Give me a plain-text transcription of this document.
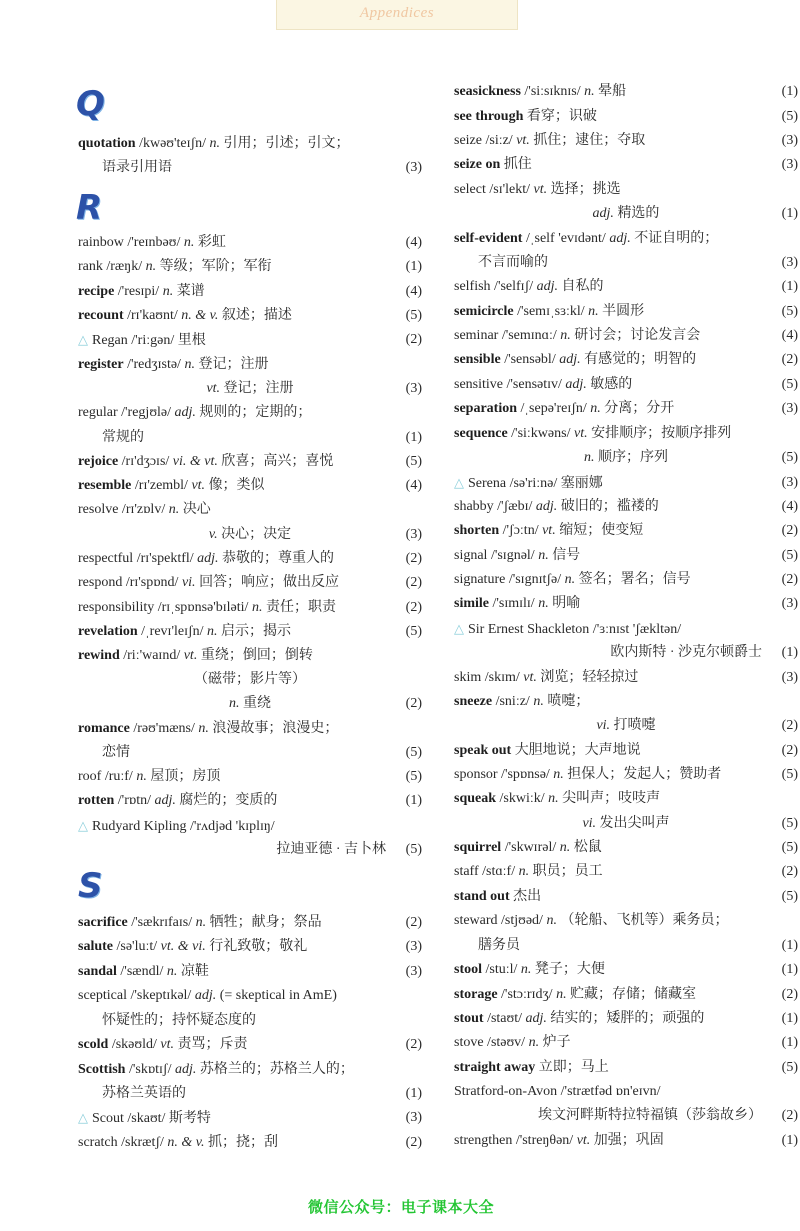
Appendices
Q
R
S
quotation /kwəʊ'teɪʃn/ n. 引用；引述；引文；
语录引用语	(3)
rainbow /'reɪnbəʊ/ n. 彩虹	(4)
rank /ræŋk/ n. 等级；军阶；军衔	(1)
recipe /'resɪpi/ n. 菜谱	(4)
recount /rɪ'kaʊnt/ n. & v. 叙述；描述	(5)
△ Regan /'riːgən/ 里根	(2)
register /'redʒɪstə/ n. 登记；注册
vt. 登记；注册	(3)
regular /'regjʊlə/ adj. 规则的；定期的；
常规的	(1)
rejoice /rɪ'dʒɔɪs/ vi. & vt. 欣喜；高兴；喜悦	(5)
resemble /rɪ'zembl/ vt. 像；类似	(4)
resolve /rɪ'zɒlv/ n. 决心
v. 决心；决定	(3)
respectful /rɪ'spektfl/ adj. 恭敬的；尊重人的	(2)
respond /rɪ'spɒnd/ vi. 回答；响应；做出反应	(2)
responsibility /rɪˌspɒnsə'bɪləti/ n. 责任；职责	(2)
revelation /ˌrevɪ'leɪʃn/ n. 启示；揭示	(5)
rewind /riː'waɪnd/ vt. 重绕；倒回；倒转
（磁带；影片等）
n. 重绕	(2)
romance /rəʊ'mæns/ n. 浪漫故事；浪漫史；
恋情	(5)
roof /ruːf/ n. 屋顶；房顶	(5)
rotten /'rɒtn/ adj. 腐烂的；变质的	(1)
△ Rudyard Kipling /'rʌdjəd 'kɪplɪŋ/
拉迪亚德 · 吉卜林 (5)
sacrifice /'sækrɪfaɪs/ n. 牺牲；献身；祭品	(2)
salute /sə'luːt/ vt. & vi. 行礼致敬；敬礼	(3)
sandal /'sændl/ n. 凉鞋	(3)
sceptical /'skeptɪkəl/ adj. (= skeptical in AmE)
怀疑性的；持怀疑态度的
scold /skəʊld/ vt. 责骂；斥责	(2)
Scottish /'skɒtɪʃ/ adj. 苏格兰的；苏格兰人的；
苏格兰英语的	(1)
△ Scout /skaʊt/ 斯考特	(3)
scratch /skrætʃ/ n. & v. 抓；挠；刮	(2)
seasickness /'siːsɪknɪs/ n. 晕船	(1)
see through 看穿；识破	(5)
seize /siːz/ vt. 抓住；逮住；夺取	(3)
seize on 抓住	(3)
select /sɪ'lekt/ vt. 选择；挑选
adj. 精选的	(1)
self-evident /ˌself 'evɪdənt/ adj. 不证自明的；
不言而喻的	(3)
selfish /'selfɪʃ/ adj. 自私的	(1)
semicircle /'semɪˌsɜːkl/ n. 半圆形	(5)
seminar /'semɪnɑː/ n. 研讨会；讨论发言会	(4)
sensible /'sensəbl/ adj. 有感觉的；明智的	(2)
sensitive /'sensətɪv/ adj. 敏感的	(5)
separation /ˌsepə'reɪʃn/ n. 分离；分开	(3)
sequence /'siːkwəns/ vt. 安排顺序；按顺序排列
n. 顺序；序列	(5)
△ Serena /sə'riːnə/ 塞丽娜	(3)
shabby /'ʃæbɪ/ adj. 破旧的；褴褛的	(4)
shorten /'ʃɔːtn/ vt. 缩短；使变短	(2)
signal /'sɪgnəl/ n. 信号	(5)
signature /'sɪgnɪtʃə/ n. 签名；署名；信号	(2)
simile /'sɪmɪlɪ/ n. 明喻	(3)
△ Sir Ernest Shackleton /'ɜːnɪst 'ʃækltən/
欧内斯特 · 沙克尔顿爵士 (1)
skim /skɪm/ vt. 浏览；轻轻掠过	(3)
sneeze /sniːz/ n. 喷嚏；
vi. 打喷嚏	(2)
speak out 大胆地说；大声地说	(2)
sponsor /'spɒnsə/ n. 担保人；发起人；赞助者	(5)
squeak /skwiːk/ n. 尖叫声；吱吱声
vi. 发出尖叫声	(5)
squirrel /'skwɪrəl/ n. 松鼠	(5)
staff /stɑːf/ n. 职员；员工	(2)
stand out 杰出	(5)
steward /stjʊəd/ n. （轮船、飞机等）乘务员；
膳务员	(1)
stool /stuːl/ n. 凳子；大便	(1)
storage /'stɔːrɪdʒ/ n. 贮藏；存储；储藏室	(2)
stout /staʊt/ adj. 结实的；矮胖的；顽强的	(1)
stove /stəʊv/ n. 炉子	(1)
straight away 立即；马上	(5)
Stratford-on-Avon /'strætfəd ɒn'eɪvn/
埃文河畔斯特拉特福镇（莎翁故乡） (2)
strengthen /'streŋθən/ vt. 加强；巩固	(1)
微信公众号：电子课本大全
